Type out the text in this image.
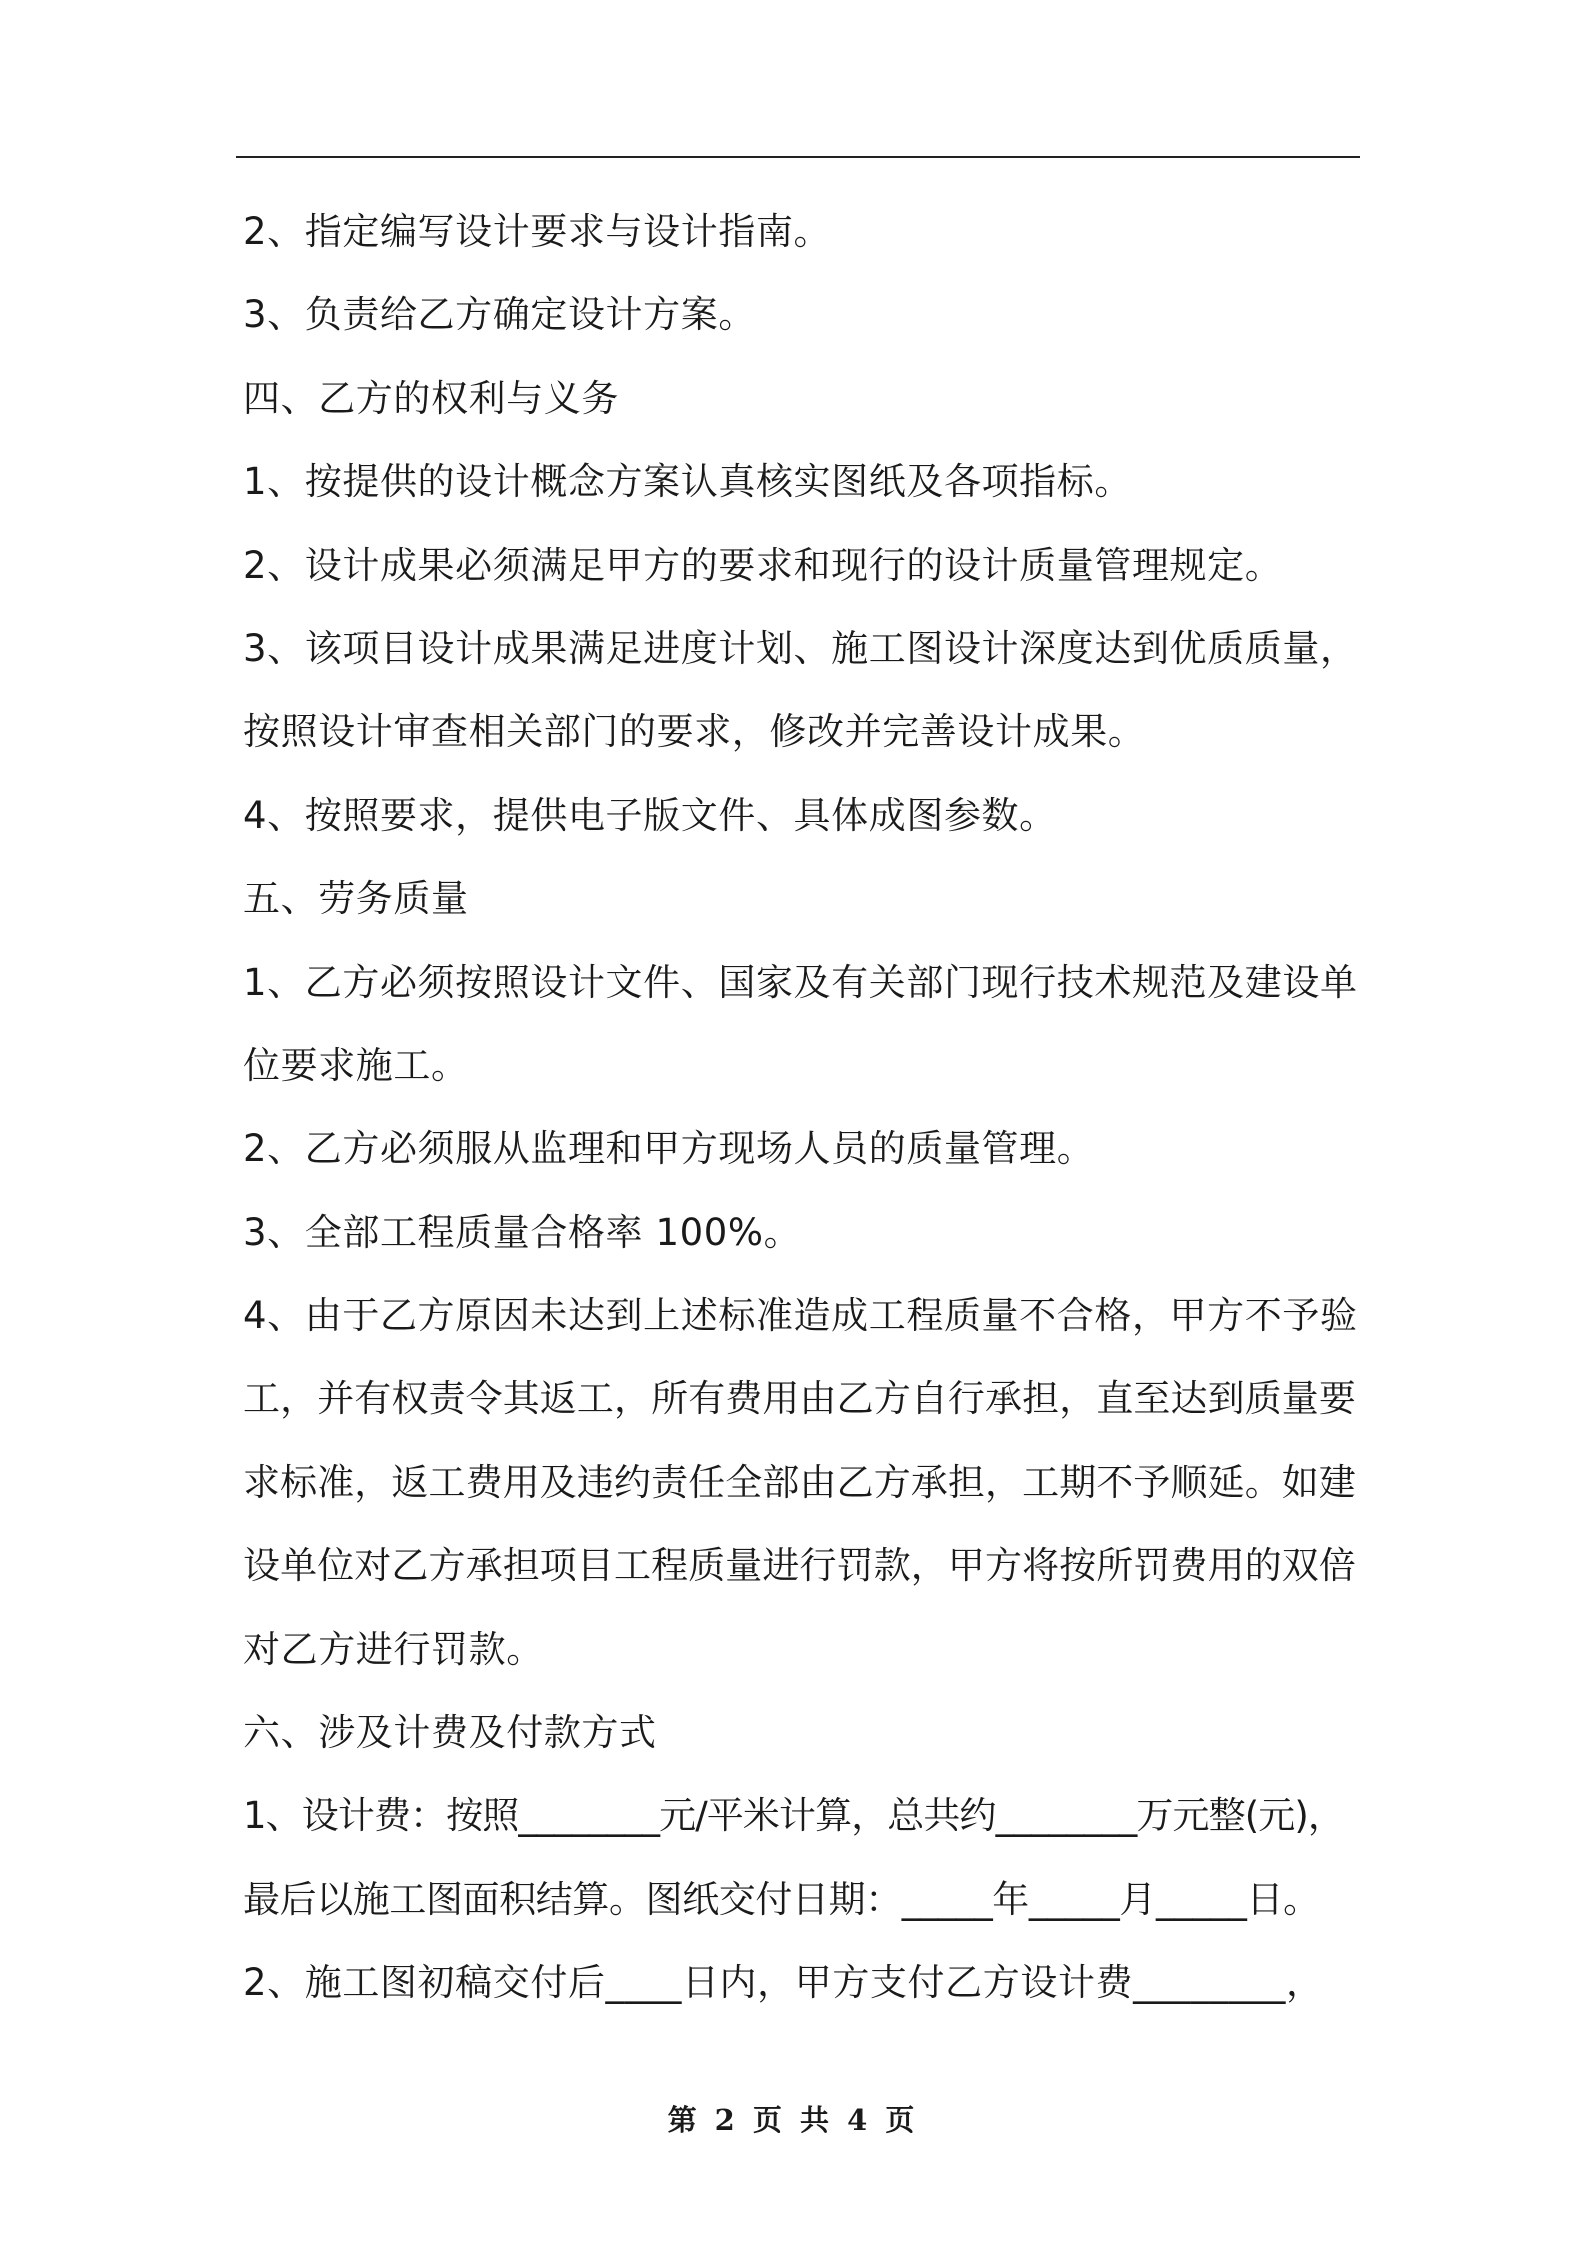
2、指定编写设计要求与设计指南。
3、负责给乙方确定设计方案。
四、乙方的权利与义务
1、按提供的设计概念方案认真核实图纸及各项指标。
2、设计成果必须满足甲方的要求和现行的设计质量管理规定。
3、该项目设计成果满足进度计划、施工图设计深度达到优质质量，
按照设计审查相关部门的要求，修改并完善设计成果。
4、按照要求，提供电子版文件、具体成图参数。
五、劳务质量
1、乙方必须按照设计文件、国家及有关部门现行技术规范及建设单
位要求施工。
2、乙方必须服从监理和甲方现场人员的质量管理。
3、全部工程质量合格率 100%。
4、由于乙方原因未达到上述标准造成工程质量不合格，甲方不予验
工，并有权责令其返工，所有费用由乙方自行承担，直至达到质量要
求标准，返工费用及违约责任全部由乙方承担，工期不予顺延。如建
设单位对乙方承担项目工程质量进行罚款，甲方将按所罚费用的双倍
对乙方进行罚款。
六、涉及计费及付款方式
1、设计费：按照________元/平米计算，总共约________万元整(元)，
最后以施工图面积结算。图纸交付日期：_____年_____月_____日。
2、施工图初稿交付后____日内，甲方支付乙方设计费________，
第 2 页 共 4 页
